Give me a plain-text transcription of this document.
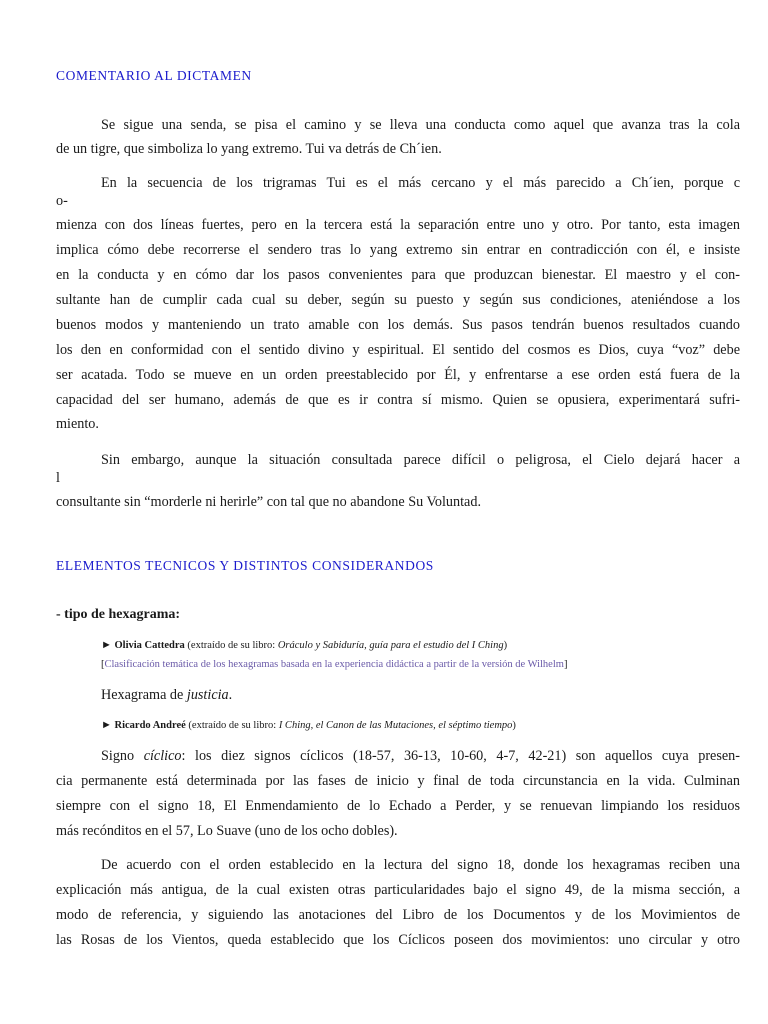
COMENTARIO AL DICTAMEN
Se sigue una senda, se pisa el camino y se lleva una conducta como aquel que avanza tras la cola
de un tigre, que simboliza lo yang extremo. Tui va detrás de Ch´ien.
En la secuencia de los trigramas Tui es el más cercano y el más parecido a Ch´ien, porque c
o-
mienza con dos líneas fuertes, pero en la tercera está la separación entre uno y otro. Por tanto, esta imagen
implica cómo debe recorrerse el sendero tras lo yang extremo sin entrar en contradicción con él, e insiste
en la conducta y en cómo dar los pasos convenientes para que produzcan bienestar. El maestro y el con-
sultante han de cumplir cada cual su deber, según su puesto y según sus condiciones, ateniéndose a los
buenos modos y manteniendo un trato amable con los demás. Sus pasos tendrán buenos resultados cuando
los den en conformidad con el sentido divino y espiritual. El sentido del cosmos es Dios, cuya “voz” debe
ser acatada. Todo se mueve en un orden preestablecido por Él, y enfrentarse a ese orden está fuera de la
capacidad del ser humano, además de que es ir contra sí mismo. Quien se opusiera, experimentará sufri-
miento.
Sin embargo, aunque la situación consultada parece difícil o peligrosa, el Cielo dejará hacer a
l
consultante sin “morderle ni herirle” con tal que no abandone Su Voluntad.
ELEMENTOS TECNICOS Y DISTINTOS CONSIDERANDOS
- tipo de hexagrama:
► Olivia Cattedra (extraído de su libro: Oráculo y Sabiduría, guía para el estudio del I Ching)
[Clasificación temática de los hexagramas basada en la experiencia didáctica a partir de la versión de Wilhelm]
Hexagrama de justicia.
► Ricardo Andreé (extraído de su libro: I Ching, el Canon de las Mutaciones, el séptimo tiempo)
Signo cíclico: los diez signos cíclicos (18-57, 36-13, 10-60, 4-7, 42-21) son aquellos cuya presen-
cia permanente está determinada por las fases de inicio y final de toda circunstancia en la vida. Culminan
siempre con el signo 18, El Enmendamiento de lo Echado a Perder, y se renuevan limpiando los residuos
más recónditos en el 57, Lo Suave (uno de los ocho dobles).
De acuerdo con el orden establecido en la lectura del signo 18, donde los hexagramas reciben una
explicación más antigua, de la cual existen otras particularidades bajo el signo 49, de la misma sección, a
modo de referencia, y siguiendo las anotaciones del Libro de los Documentos y de los Movimientos de
las Rosas de los Vientos, queda establecido que los Cíclicos poseen dos movimientos: uno circular y otro
